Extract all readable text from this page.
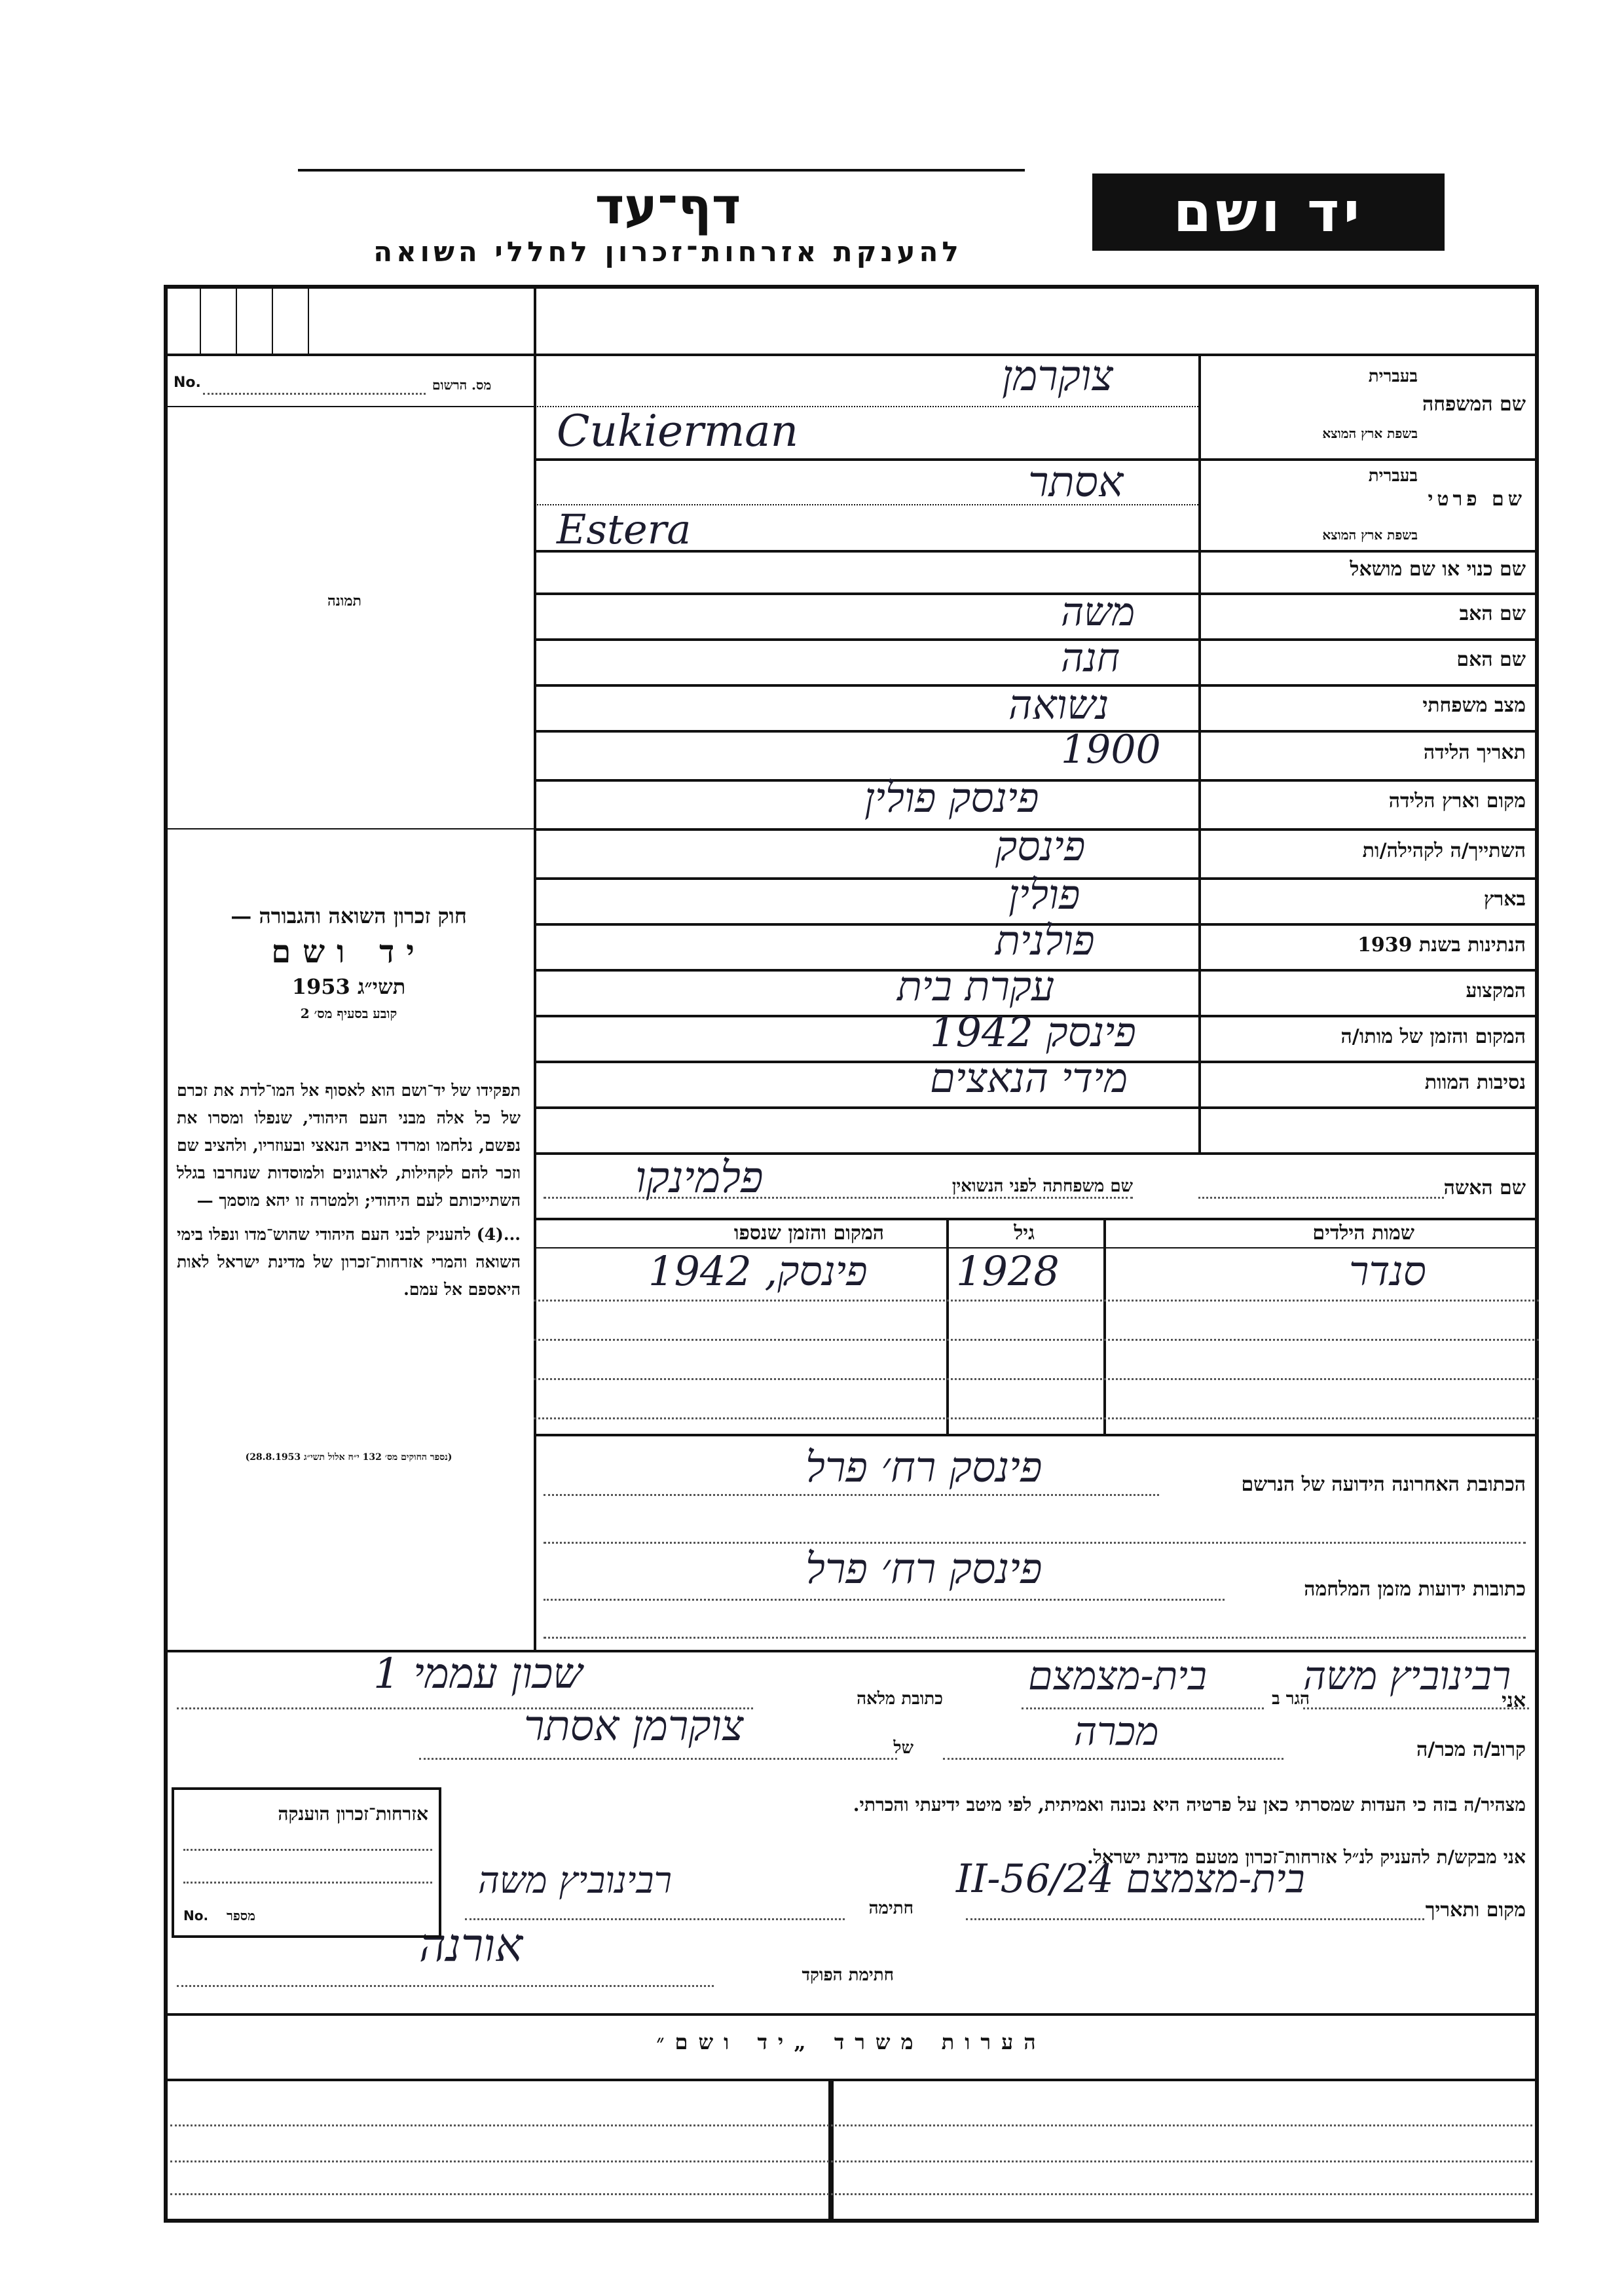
יד ושם
דף־עד
להענקת אזרחות־זכרון לחללי השואה
No.	מס. הרשום
תמונה

חוק זכרון השואה והגבורה —

יד ושם

תשי״ג 1953

קובע בסעיף מס׳ 2

תפקידו של יד־ושם הוא לאסוף אל המו־לדת את זכרם של כל אלה מבני העם היהודי, שנפלו ומסרו את נפשם, נלחמו ומרדו באויב הנאצי ובעוזריו, ולהציב שם וזכר להם לקהילות, לארגונים ולמוסדות שנחרבו בגלל השתייכותם לעם היהודי; ולמטרה זו יהא מוסמך —

...(4) להעניק לבני העם היהודי שהוש־מדו ונפלו בימי השואה והמרי אזרחות־זכרון של מדינת ישראל לאות היאספם אל עמם.

(נספר החוקים מס׳ 132 י״ח אלול תשי״ג 28.8.1953)
שם המשפחה
בעברית
בשפת ארץ המוצא
שם פרטי
בעברית
בשפת ארץ המוצא
שם כנוי או שם מושאל
שם האב
שם האם
מצב משפחתי
תאריך הלידה
מקום וארץ הלידה
השתייך/ה לקהילה/ות
בארץ
הנתינות בשנת 1939
המקצוע
המקום והזמן של מותו/ה
נסיבות המוות
צוקרמן
Cukierman
אסתר
Estera
משה
חנה
נשואה
1900
פינסק פולין
פינסק
פולין
פולנית
עקרת בית
פינסק 1942
מידי הנאצים
שם האשה
שם משפחתה לפני הנשואין
פלמינקו
שמות הילדים
גיל
המקום והזמן שנספו
סנדר
1928
פינסק, 1942
הכתובת האחרונה הידועה של הנרשם
פינסק רח׳ פרל
כתובות ידועות מזמן המלחמה
פינסק רח׳ פרל
אני
רבינוביץ משה
הגר ב
בית-מצמצם
כתובת מלאה
שכון עממי 1
קרוב/ה מכר/ה
מכרה
של
צוקרמן אסתר
מצהיר/ה בזה כי העדות שמסרתי כאן על פרטיה היא נכונה ואמיתית, לפי מיטב ידיעתי והכרתי.
אני מבקש/ת להעניק לנ״ל אזרחות־זכרון מטעם מדינת ישראל.
מקום ותאריך
בית-מצמצם 24/II-56
חתימה
רבינוביץ משה
חתימת הפוקד
אורנה
אזרחות־זכרון הוענקה
No. מספר
הערות משרד „יד ושם״
